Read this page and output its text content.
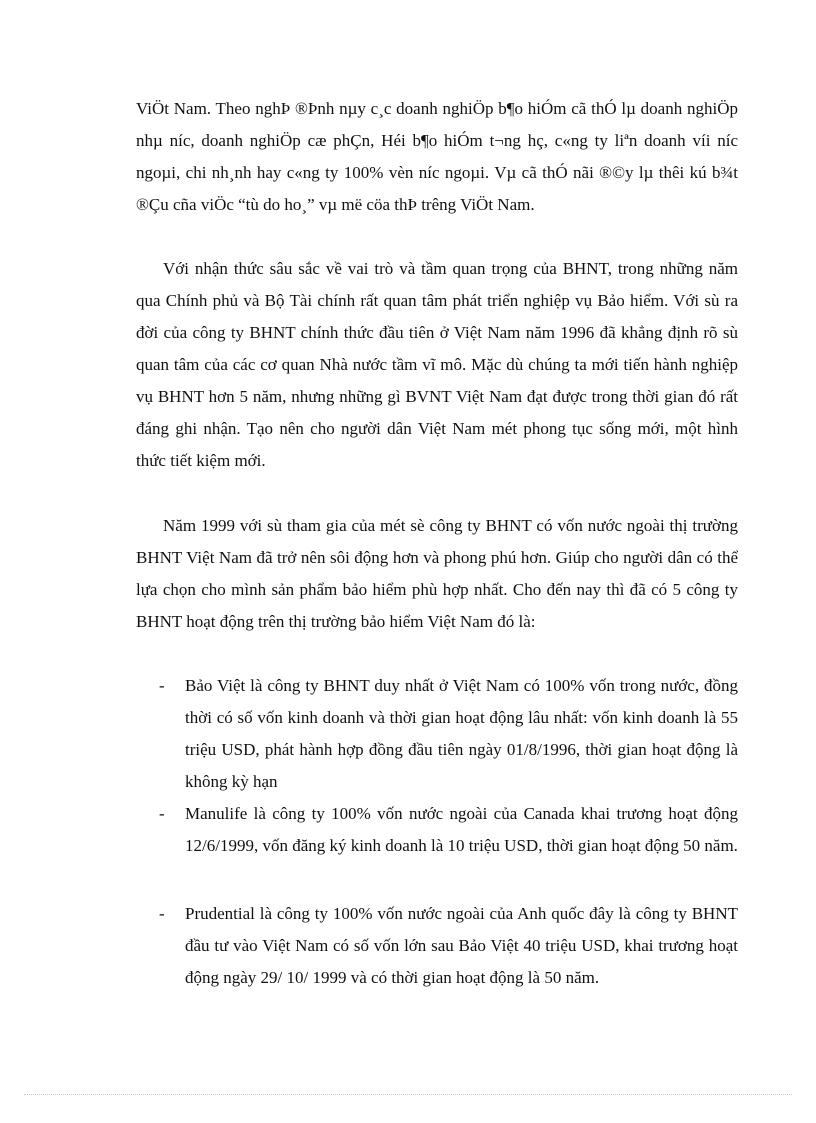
ViÖt Nam. Theo nghÞ ®Þnh nµy c¸c doanh nghiÖp b¶o hiÓm cã thÓ lµ doanh nghiÖp nhµ níc, doanh nghiÖp cæ phÇn, Héi b¶o hiÓm t¬ng hç, c«ng ty liªn doanh víi níc ngoµi, chi nh¸nh hay c«ng ty 100% vèn níc ngoµi. Vµ cã thÓ nãi ®©y lµ thêi kú b¾t ®Çu cña viÖc “tù do ho¸” vµ më cöa thÞ trêng ViÖt Nam.

Với nhận thức sâu sắc về vai trò và tầm quan trọng của BHNT, trong những năm qua Chính phủ và Bộ Tài chính rất quan tâm phát triển nghiệp vụ Bảo hiểm. Với sù ra đời của công ty BHNT chính thức đầu tiên ở Việt Nam năm 1996 đã khẳng định rõ sù quan tâm của các cơ quan Nhà nước tầm vĩ mô. Mặc dù chúng ta mới tiến hành nghiệp vụ BHNT hơn 5 năm, nhưng những gì BVNT Việt Nam đạt được trong thời gian đó rất đáng ghi nhận. Tạo nên cho người dân Việt Nam mét phong tục sống mới, một hình thức tiết kiệm mới.

Năm 1999 với sù tham gia của mét sè công ty BHNT có vốn nước ngoài thị trường BHNT Việt Nam đã trở nên sôi động hơn và phong phú hơn. Giúp cho người dân có thể lựa chọn cho mình sản phẩm bảo hiểm phù hợp nhất. Cho đến nay thì đã có 5 công ty BHNT hoạt động trên thị trường bảo hiểm Việt Nam đó là:

- Bảo Việt là công ty BHNT duy nhất ở Việt Nam có 100% vốn trong nước, đồng thời có số vốn kinh doanh và thời gian hoạt động lâu nhất: vốn kinh doanh là 55 triệu USD, phát hành hợp đồng đầu tiên ngày 01/8/1996, thời gian hoạt động là không kỳ hạn
- Manulife là công ty 100% vốn nước ngoài của Canada khai trương hoạt động 12/6/1999, vốn đăng ký kinh doanh là 10 triệu USD, thời gian hoạt động 50 năm.
- Prudential là công ty 100% vốn nước ngoài của Anh quốc đây là công ty BHNT đầu tư vào Việt Nam có số vốn lớn sau Bảo Việt 40 triệu USD, khai trương hoạt động ngày 29/ 10/ 1999 và có thời gian hoạt động là 50 năm.
